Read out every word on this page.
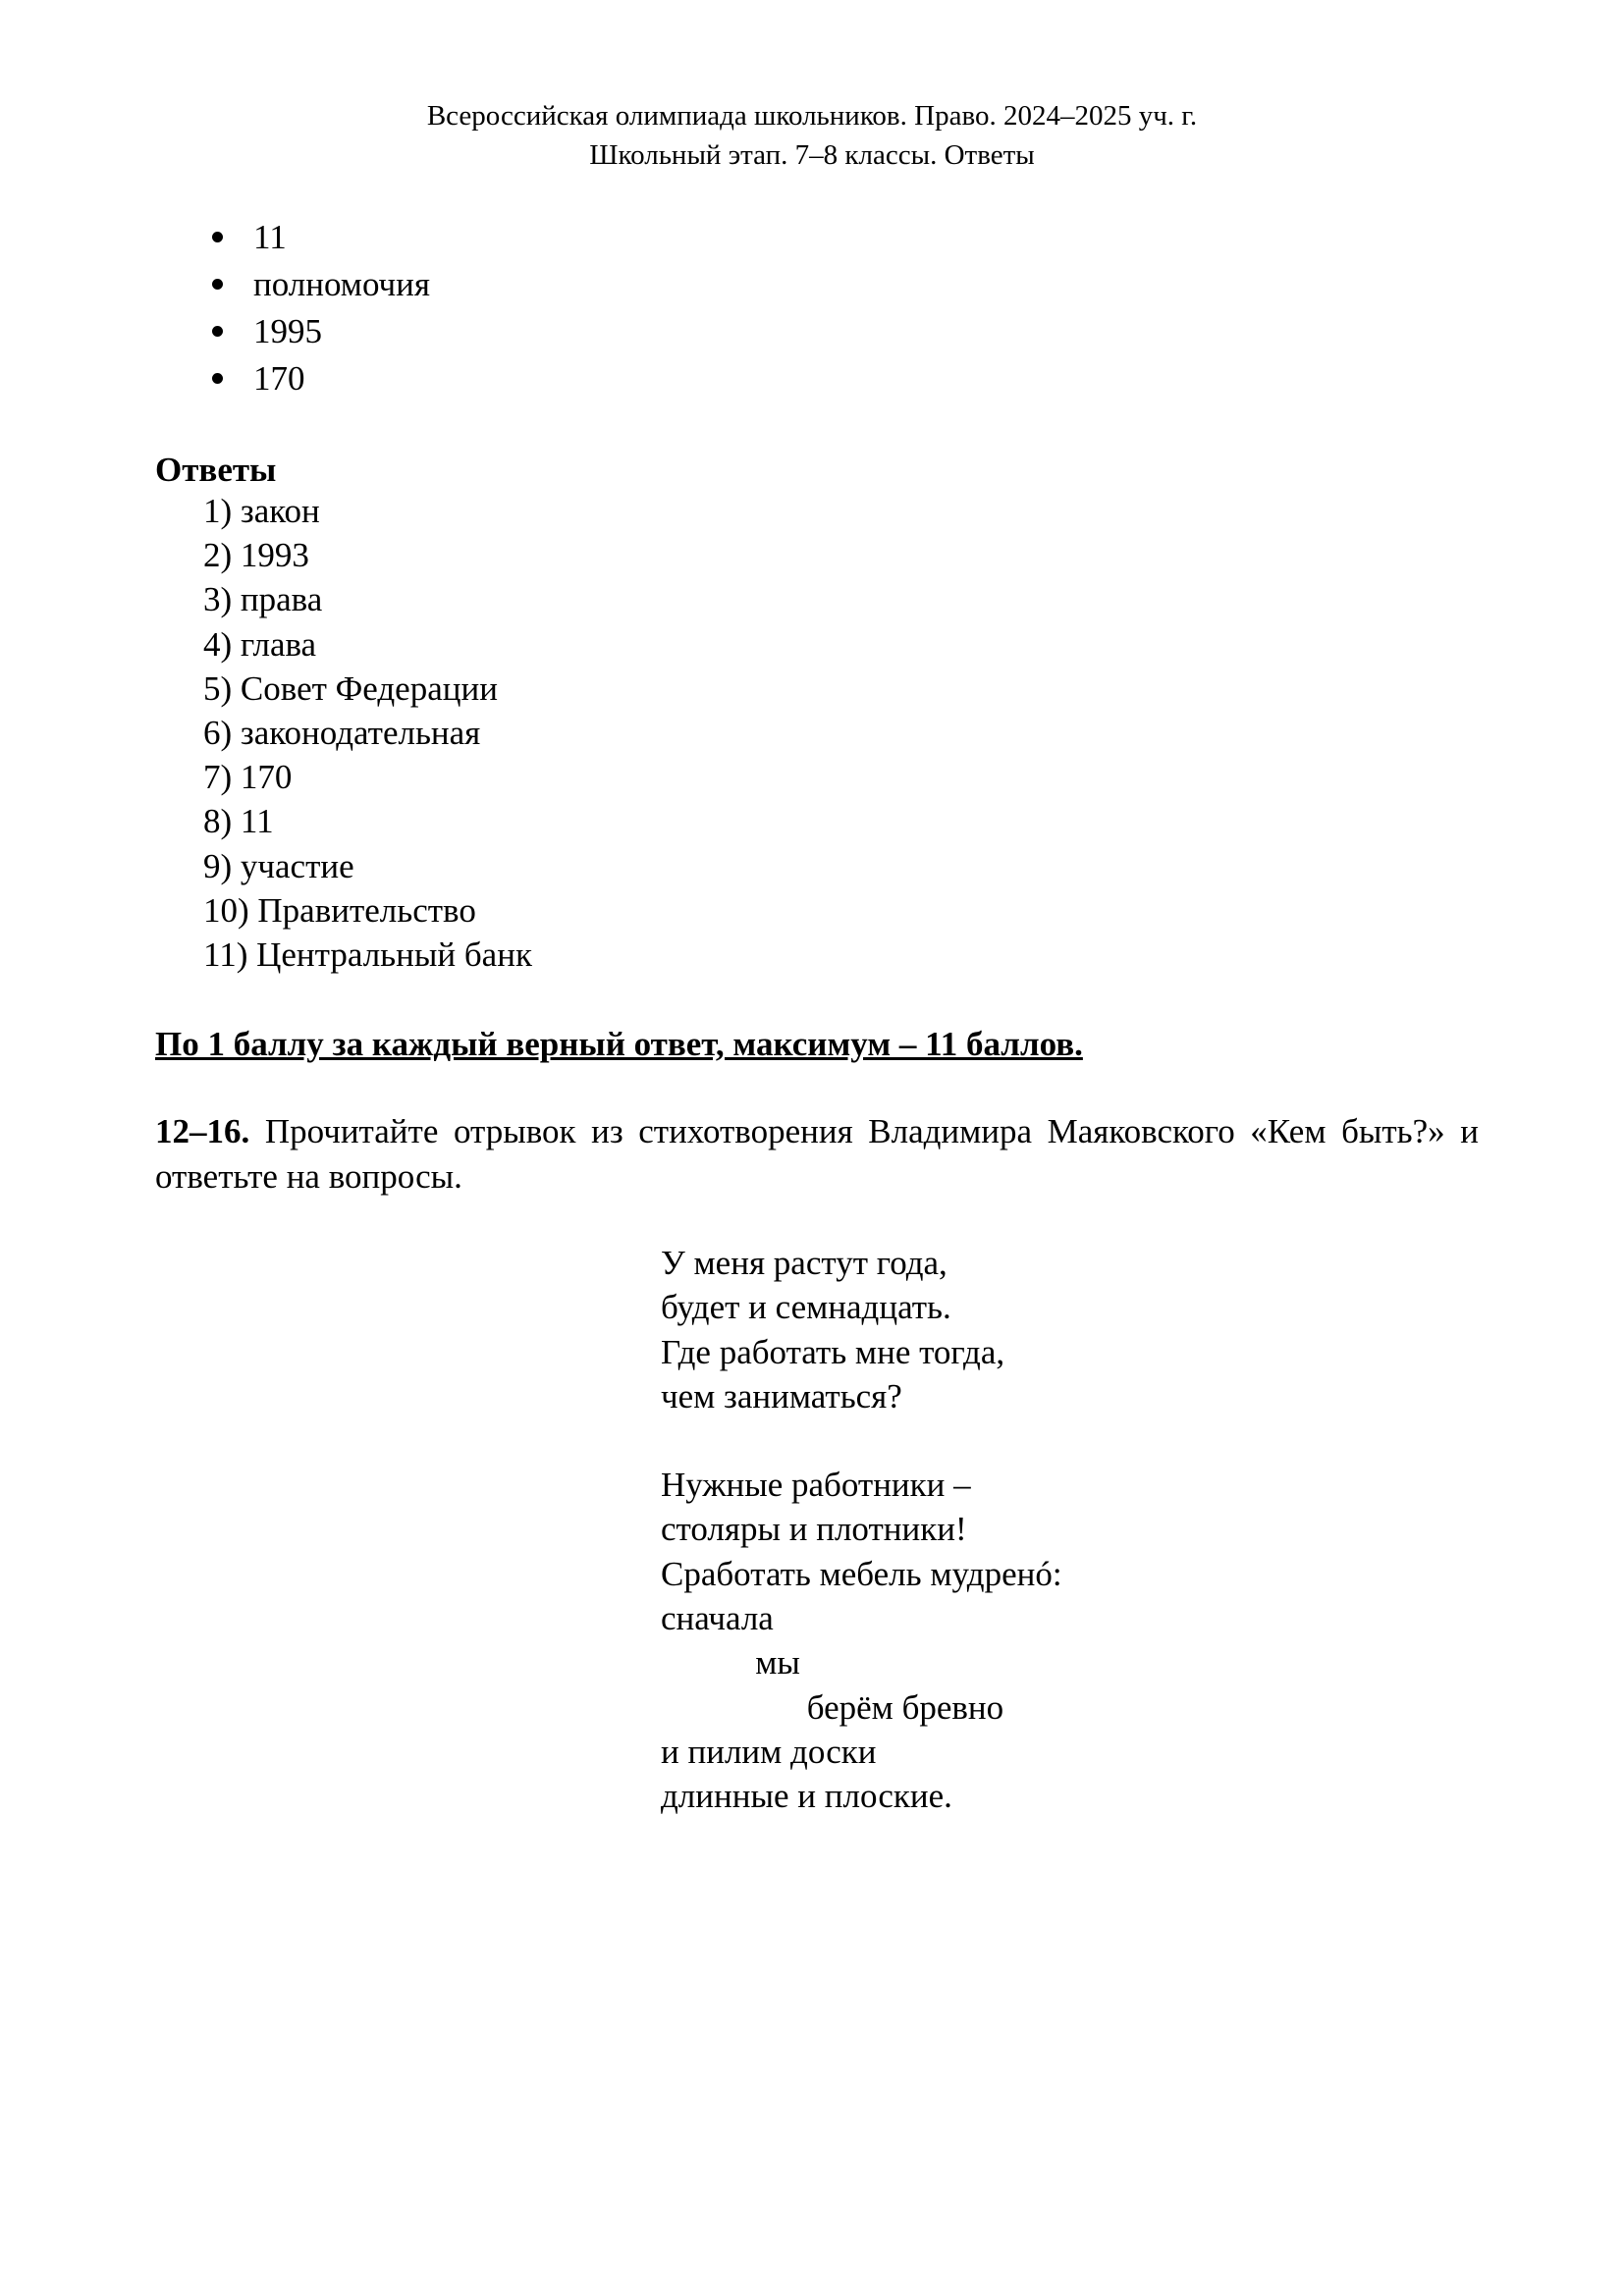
Всероссийская олимпиада школьников. Право. 2024–2025 уч. г.
Школьный этап. 7–8 классы. Ответы
11
полномочия
1995
170
Ответы
1) закон
2) 1993
3) права
4) глава
5) Совет Федерации
6) законодательная
7) 170
8) 11
9) участие
10) Правительство
11) Центральный банк
По 1 баллу за каждый верный ответ, максимум – 11 баллов.
12–16. Прочитайте отрывок из стихотворения Владимира Маяковского «Кем быть?» и ответьте на вопросы.
У меня растут года,
будет и семнадцать.
Где работать мне тогда,
чем заниматься?
Нужные работники –
столяры и плотники!
Сработать мебель мудренó:
сначала
мы
берём бревно
и пилим доски
длинные и плоские.
